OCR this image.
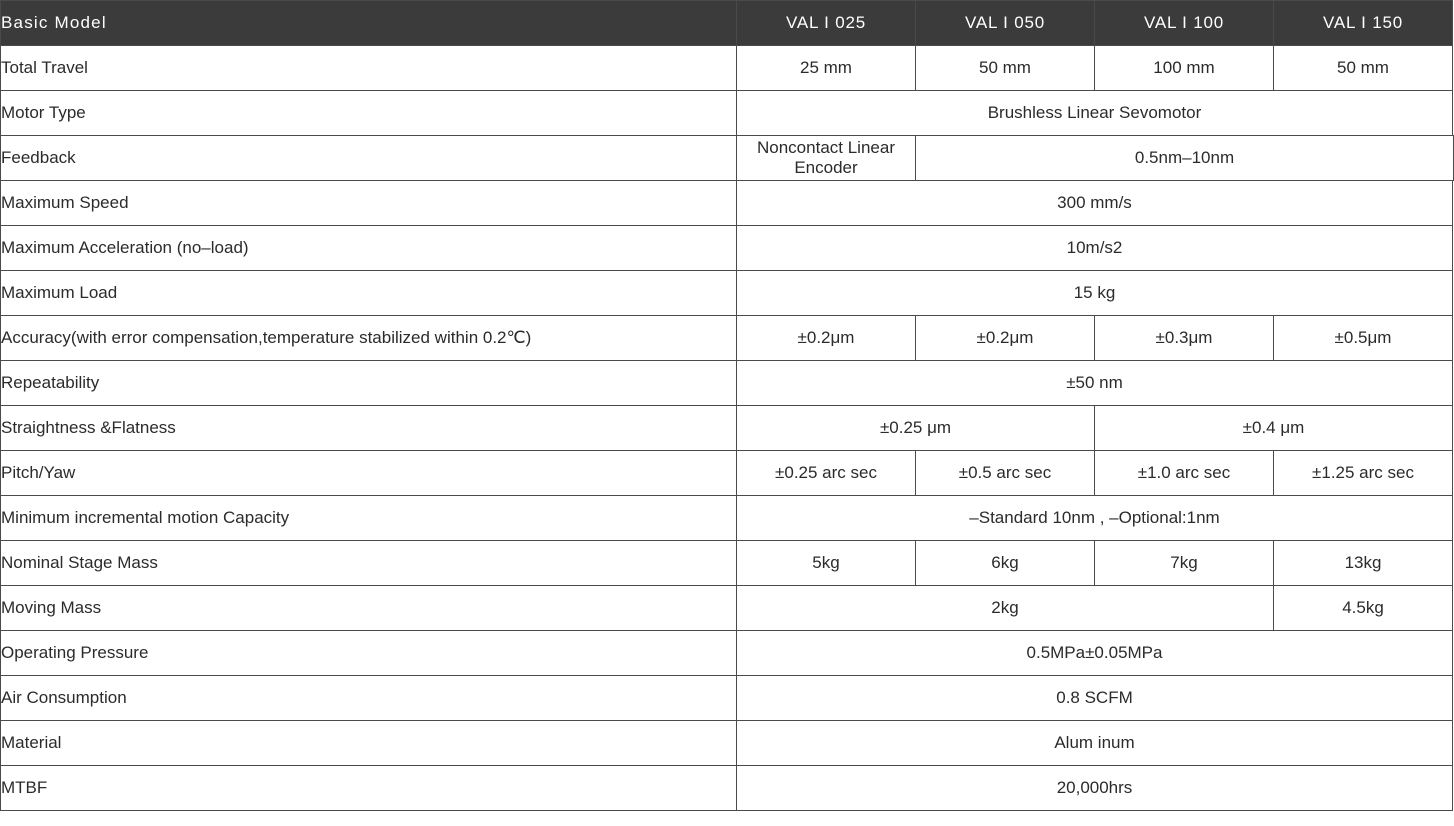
Basic Model	VAL I 025	VAL I 050	VAL I 100	VAL I 150
Total Travel	25 mm	50 mm	100 mm	50 mm
Motor Type	Brushless Linear Sevomotor			
Feedback	Noncontact Linear Encoder	0.5nm–10nm		
Maximum Speed	300 mm/s			
Maximum Acceleration (no–load)	10m/s2			
Maximum Load	15 kg			
Accuracy(with error compensation,temperature stabilized within 0.2℃)	±0.2μm	±0.2μm	±0.3μm	±0.5μm
Repeatability	±50 nm			
Straightness &Flatness	±0.25 μm		±0.4 μm	
Pitch/Yaw	±0.25 arc sec	±0.5 arc sec	±1.0 arc sec	±1.25 arc sec
Minimum incremental motion Capacity	–Standard 10nm , –Optional:1nm			
Nominal Stage Mass	5kg	6kg	7kg	13kg
Moving Mass	2kg			4.5kg
Operating Pressure	0.5MPa±0.05MPa			
Air Consumption	0.8 SCFM			
Material	Alum inum			
MTBF	20,000hrs			
